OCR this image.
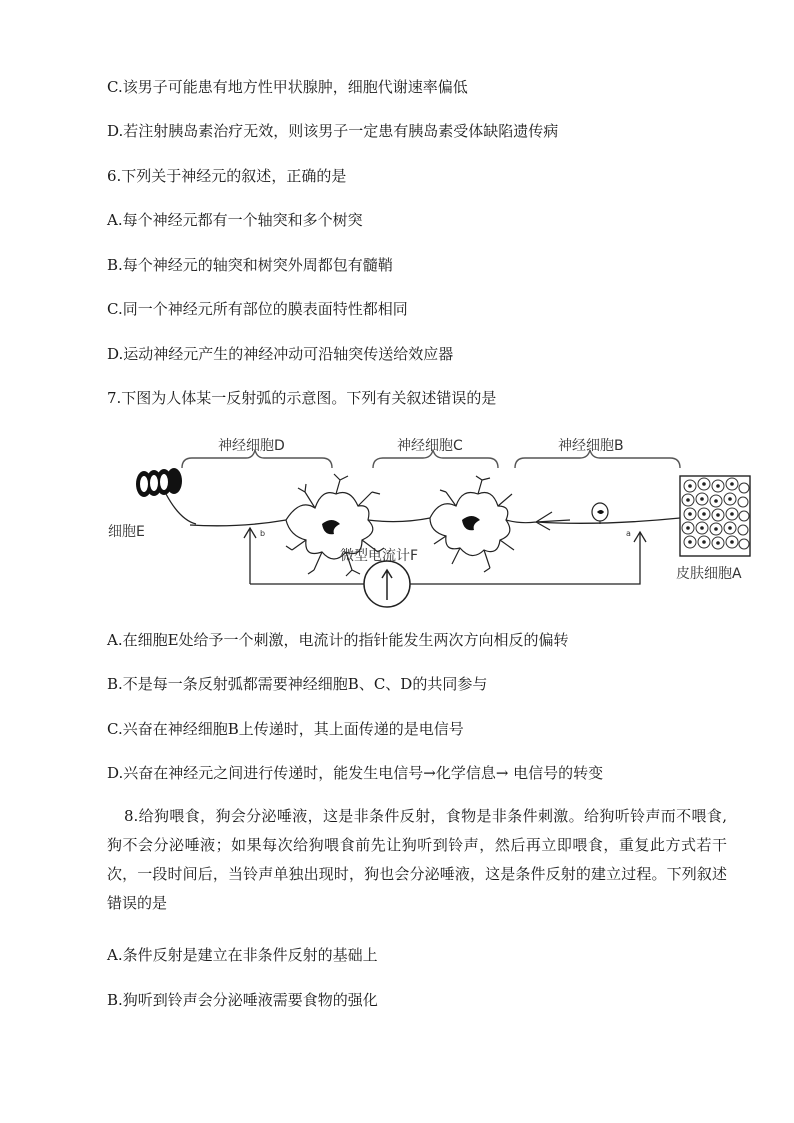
C.该男子可能患有地方性甲状腺肿，细胞代谢速率偏低
D.若注射胰岛素治疗无效，则该男子一定患有胰岛素受体缺陷遗传病
6.下列关于神经元的叙述，正确的是
A.每个神经元都有一个轴突和多个树突
B.每个神经元的轴突和树突外周都包有髓鞘
C.同一个神经元所有部位的膜表面特性都相同
D.运动神经元产生的神经冲动可沿轴突传送给效应器
7.下图为人体某一反射弧的示意图。下列有关叙述错误的是
神经细胞D	神经细胞C	神经细胞B
细胞E	b	a
皮肤细胞A
微型电流计F
A.在细胞E处给予一个刺激，电流计的指针能发生两次方向相反的偏转
B.不是每一条反射弧都需要神经细胞B、C、D的共同参与
C.兴奋在神经细胞B上传递时，其上面传递的是电信号
D.兴奋在神经元之间进行传递时，能发生电信号→化学信息→ 电信号的转变
8.给狗喂食，狗会分泌唾液，这是非条件反射，食物是非条件刺激。给狗听铃声而不喂食,狗不会分泌唾液；如果每次给狗喂食前先让狗听到铃声，然后再立即喂食，重复此方式若干次，一段时间后，当铃声单独出现时，狗也会分泌唾液，这是条件反射的建立过程。下列叙述错误的是
A.条件反射是建立在非条件反射的基础上
B.狗听到铃声会分泌唾液需要食物的强化
